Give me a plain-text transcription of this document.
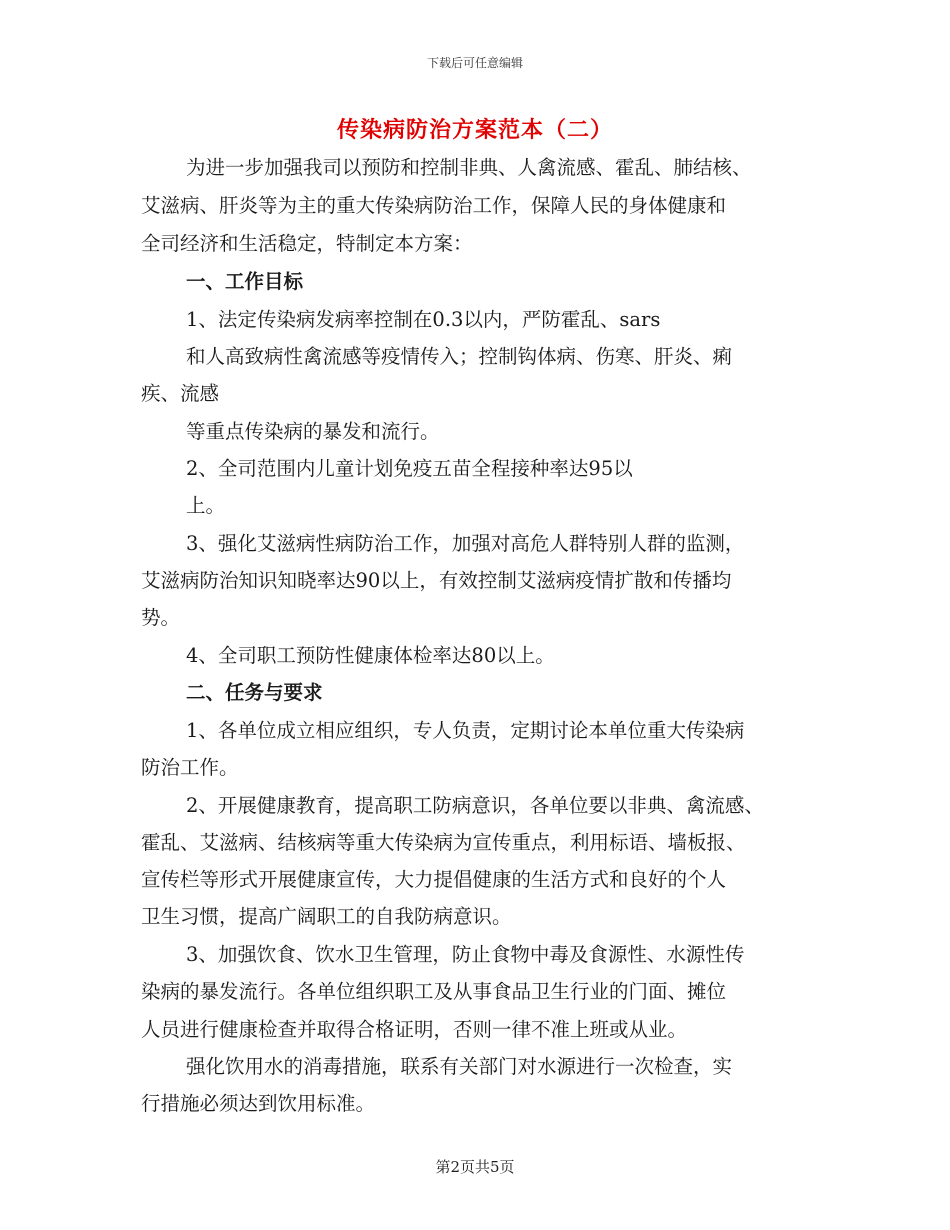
下载后可任意编辑
传染病防治方案范本（二）
为进一步加强我司以预防和控制非典、人禽流感、霍乱、肺结核、
艾滋病、肝炎等为主的重大传染病防治工作，保障人民的身体健康和
全司经济和生活稳定，特制定本方案：
一、工作目标
1、法定传染病发病率控制在0.3以内，严防霍乱、sars
和人高致病性禽流感等疫情传入；控制钩体病、伤寒、肝炎、痢
疾、流感
等重点传染病的暴发和流行。
2、全司范围内儿童计划免疫五苗全程接种率达95以
上。
3、强化艾滋病性病防治工作，加强对高危人群特别人群的监测，
艾滋病防治知识知晓率达90以上，有效控制艾滋病疫情扩散和传播均
势。
4、全司职工预防性健康体检率达80以上。
二、任务与要求
1、各单位成立相应组织，专人负责，定期讨论本单位重大传染病
防治工作。
2、开展健康教育，提高职工防病意识，各单位要以非典、禽流感、
霍乱、艾滋病、结核病等重大传染病为宣传重点，利用标语、墙板报、
宣传栏等形式开展健康宣传，大力提倡健康的生活方式和良好的个人
卫生习惯，提高广阔职工的自我防病意识。
3、加强饮食、饮水卫生管理，防止食物中毒及食源性、水源性传
染病的暴发流行。各单位组织职工及从事食品卫生行业的门面、摊位
人员进行健康检查并取得合格证明，否则一律不准上班或从业。
强化饮用水的消毒措施，联系有关部门对水源进行一次检查，实
行措施必须达到饮用标准。
第2页共5页
